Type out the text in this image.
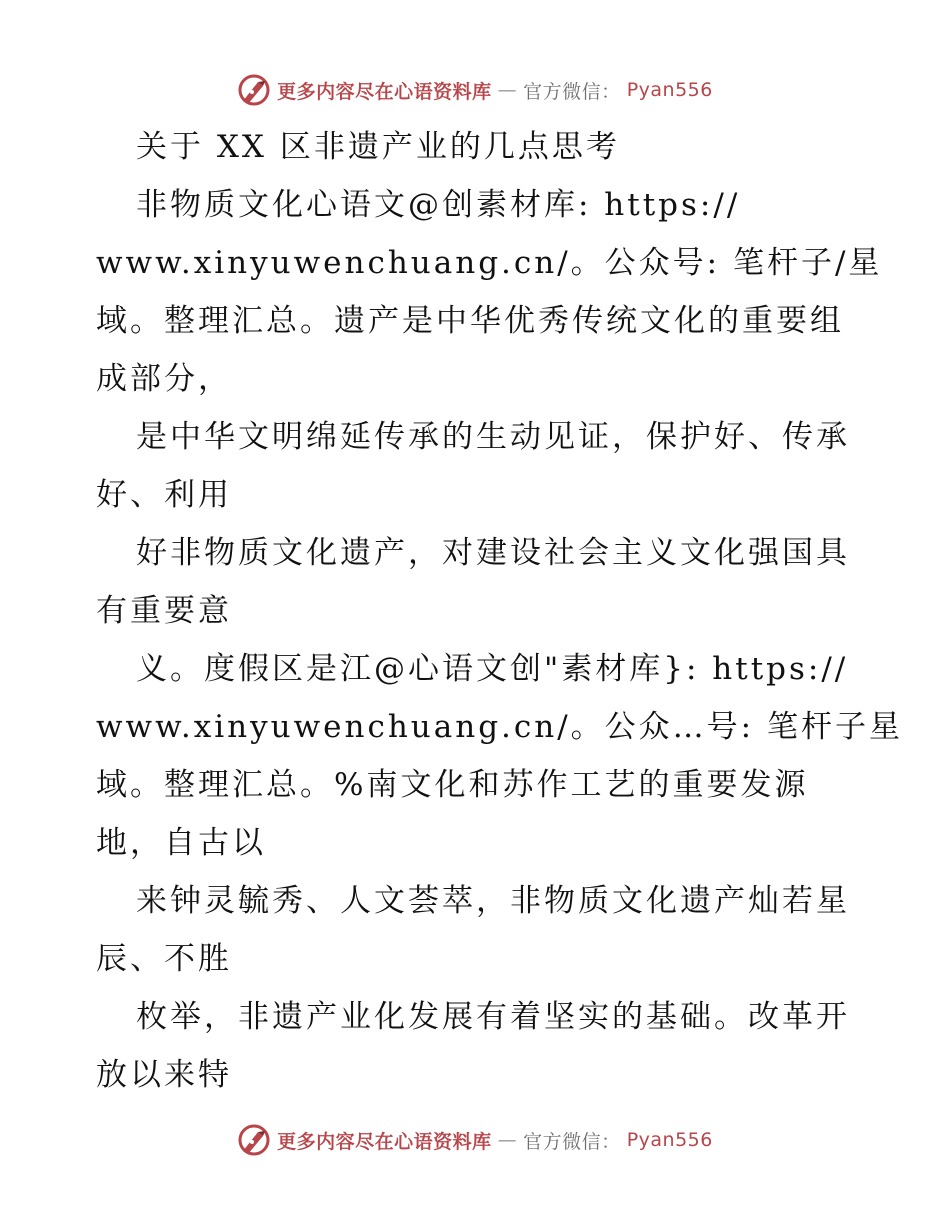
更多内容尽在心语资料库 — 官方微信： Pyan556
关于 XX 区非遗产业的几点思考
非物质文化心语文@创素材库: https://
www.xinyuwenchuang.cn/。公众号: 笔杆子/星
域。整理汇总。遗产是中华优秀传统文化的重要组
成部分，
是中华文明绵延传承的生动见证，保护好、传承
好、利用
好非物质文化遗产，对建设社会主义文化强国具
有重要意
义。度假区是江@心语文创"素材库}: https://
www.xinyuwenchuang.cn/。公众…号: 笔杆子星
域。整理汇总。%南文化和苏作工艺的重要发源
地，自古以
来钟灵毓秀、人文荟萃，非物质文化遗产灿若星
辰、不胜
枚举，非遗产业化发展有着坚实的基础。改革开
放以来特
更多内容尽在心语资料库 — 官方微信： Pyan556
